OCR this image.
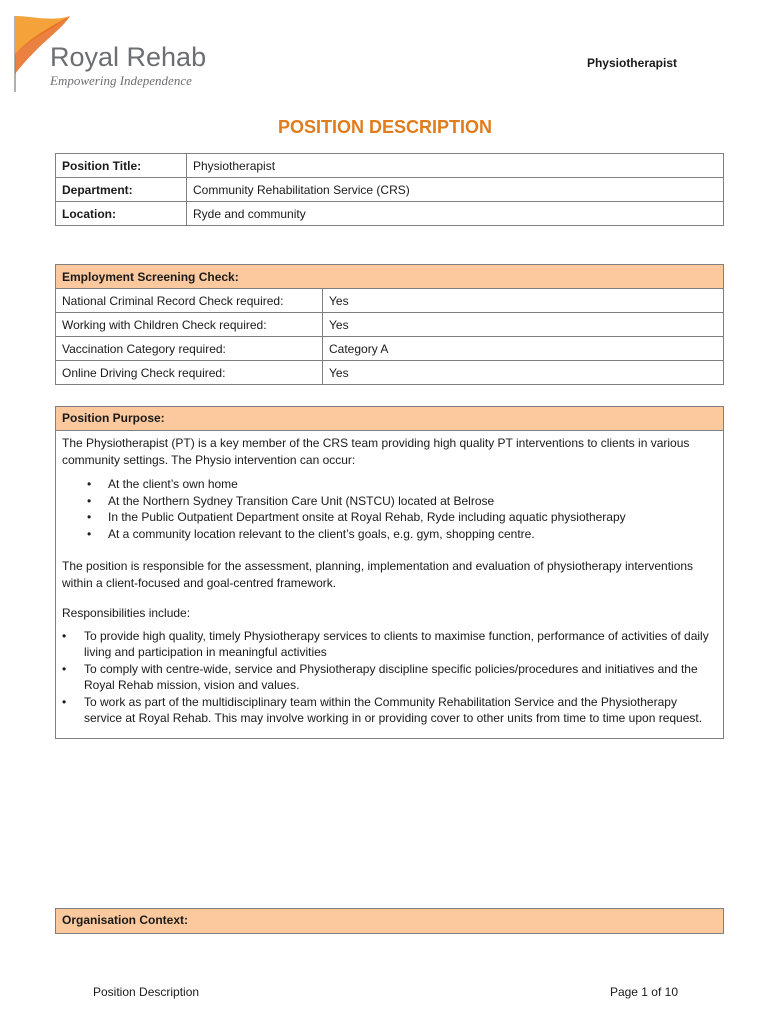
Royal Rehab
Empowering Independence
Physiotherapist
POSITION DESCRIPTION
Position Title:	Physiotherapist
Department:	Community Rehabilitation Service (CRS)
Location:	Ryde and community
Employment Screening Check:	
National Criminal Record Check required:	Yes
Working with Children Check required:	Yes
Vaccination Category required:	Category A
Online Driving Check required:	Yes
Position Purpose:

The Physiotherapist (PT) is a key member of the CRS team providing high quality PT interventions to clients in various community settings. The Physio intervention can occur:

• At the client’s own home
• At the Northern Sydney Transition Care Unit (NSTCU) located at Belrose
• In the Public Outpatient Department onsite at Royal Rehab, Ryde including aquatic physiotherapy
• At a community location relevant to the client’s goals, e.g. gym, shopping centre.

The position is responsible for the assessment, planning, implementation and evaluation of physiotherapy interventions within a client-focused and goal-centred framework.

Responsibilities include:

• To provide high quality, timely Physiotherapy services to clients to maximise function, performance of activities of daily living and participation in meaningful activities
• To comply with centre-wide, service and Physiotherapy discipline specific policies/procedures and initiatives and the Royal Rehab mission, vision and values.
• To work as part of the multidisciplinary team within the Community Rehabilitation Service and the Physiotherapy service at Royal Rehab. This may involve working in or providing cover to other units from time to time upon request.
Organisation Context:
Position Description	Page 1 of 10
